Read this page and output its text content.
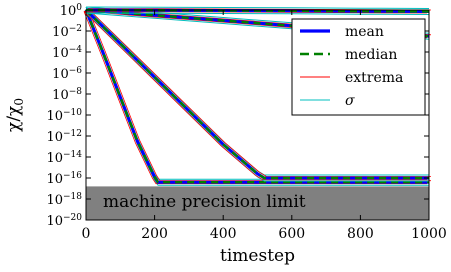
machine precision limit
0	200	400	600	800	1000
$10^0$
$10^{-2}$
$10^{-4}$
$10^{-6}$
$10^{-8}$
$10^{-10}$
$10^{-12}$
$10^{-14}$
$10^{-16}$
$10^{-18}$
$10^{-20}$
timestep
χ/χ0
mean
median
extrema
σ
